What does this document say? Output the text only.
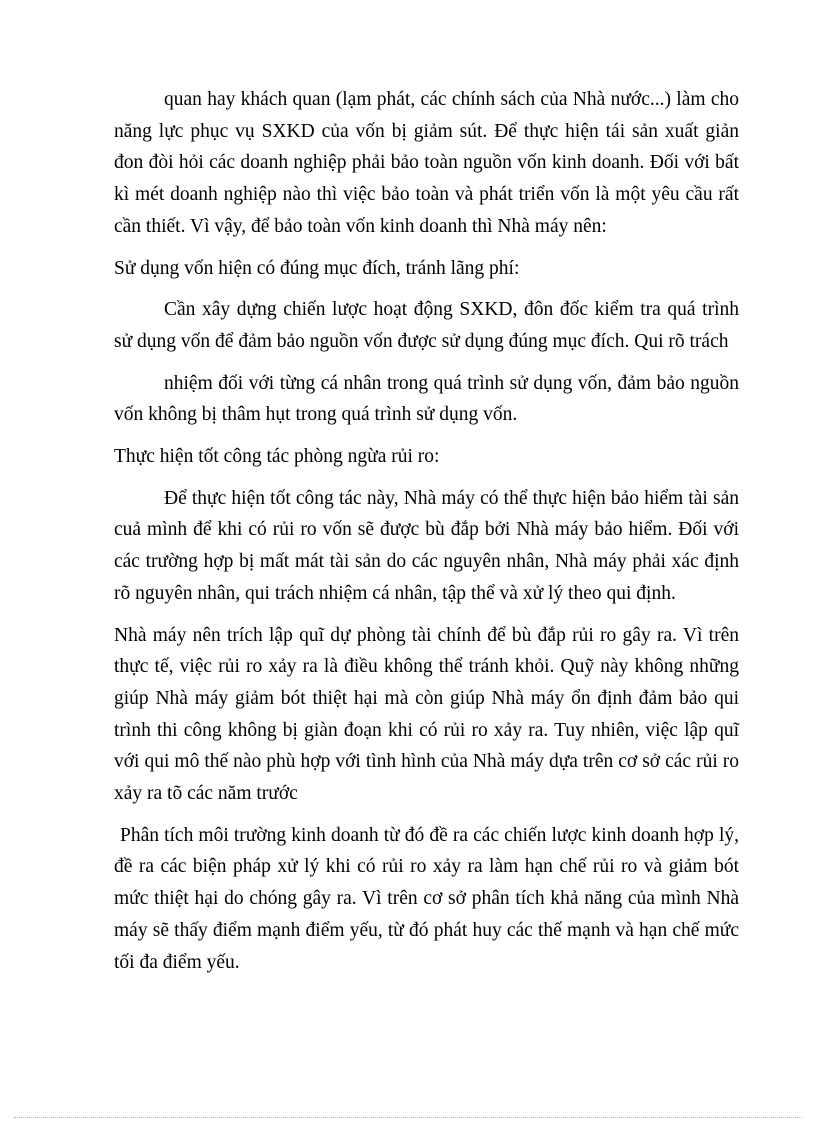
quan hay khách quan (lạm phát, các chính sách của Nhà nước...) làm cho năng lực phục vụ SXKD của vốn bị giảm sút. Để thực hiện tái sản xuất giản đon đòi hỏi các doanh nghiệp phải bảo toàn nguồn vốn kinh doanh. Đối với bất kì mét doanh nghiệp nào thì việc bảo toàn và phát triển vốn là một yêu cầu rất cần thiết. Vì vậy, để bảo toàn vốn kinh doanh thì Nhà máy nên:

Sử dụng vốn hiện có đúng mục đích, tránh lãng phí:

Cần xây dựng chiến lược hoạt động SXKD, đôn đốc kiểm tra quá trình sử dụng vốn để đảm bảo nguồn vốn được sử dụng đúng mục đích. Qui rõ trách

nhiệm đối với từng cá nhân trong quá trình sử dụng vốn, đảm bảo nguồn vốn không bị thâm hụt trong quá trình sử dụng vốn.

Thực hiện tốt công tác phòng ngừa rủi ro:

Để thực hiện tốt công tác này, Nhà máy có thể thực hiện bảo hiểm tài sản cuả mình để khi có rủi ro vốn sẽ được bù đắp bởi Nhà máy bảo hiểm. Đối với các trường hợp bị mất mát tài sản do các nguyên nhân, Nhà máy phải xác định rõ nguyên nhân, qui trách nhiệm cá nhân, tập thể và xử lý theo qui định.

Nhà máy nên trích lập quĩ dự phòng tài chính để bù đắp rủi ro gây ra. Vì trên thực tế, việc rủi ro xảy ra là điều không thể tránh khỏi. Quỹ này không những giúp Nhà máy giảm bót thiệt hại mà còn giúp Nhà máy ổn định đảm bảo qui trình thi công không bị giàn đoạn khi có rủi ro xảy ra. Tuy nhiên, việc lập quĩ với qui mô thế nào phù hợp với tình hình của Nhà máy dựa trên cơ sở các rủi ro xảy ra tõ các năm trước

Phân tích môi trường kinh doanh từ đó đề ra các chiến lược kinh doanh hợp lý, đề ra các biện pháp xử lý khi có rủi ro xảy ra làm hạn chế rủi ro và giảm bót mức thiệt hại do chóng gây ra. Vì trên cơ sở phân tích khả năng của mình Nhà máy sẽ thấy điểm mạnh điểm yếu, từ đó phát huy các thế mạnh và hạn chế mức tối đa điểm yếu.
